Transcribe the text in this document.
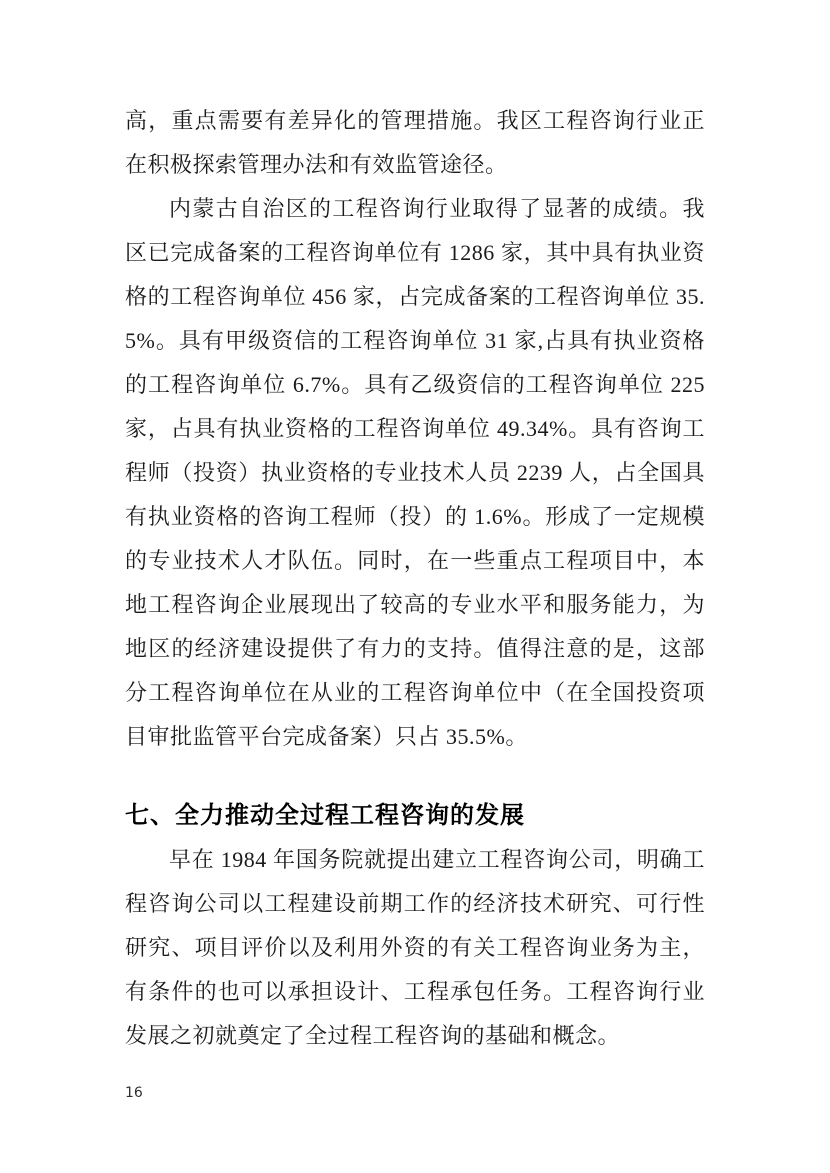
高，重点需要有差异化的管理措施。我区工程咨询行业正在积极探索管理办法和有效监管途径。

内蒙古自治区的工程咨询行业取得了显著的成绩。我区已完成备案的工程咨询单位有 1286 家，其中具有执业资格的工程咨询单位 456 家，占完成备案的工程咨询单位 35.5%。具有甲级资信的工程咨询单位 31 家,占具有执业资格的工程咨询单位 6.7%。具有乙级资信的工程咨询单位 225 家，占具有执业资格的工程咨询单位 49.34%。具有咨询工程师（投资）执业资格的专业技术人员 2239 人，占全国具有执业资格的咨询工程师（投）的 1.6%。形成了一定规模的专业技术人才队伍。同时，在一些重点工程项目中，本地工程咨询企业展现出了较高的专业水平和服务能力，为地区的经济建设提供了有力的支持。值得注意的是，这部分工程咨询单位在从业的工程咨询单位中（在全国投资项目审批监管平台完成备案）只占 35.5%。

七、全力推动全过程工程咨询的发展

早在 1984 年国务院就提出建立工程咨询公司，明确工程咨询公司以工程建设前期工作的经济技术研究、可行性研究、项目评价以及利用外资的有关工程咨询业务为主，有条件的也可以承担设计、工程承包任务。工程咨询行业发展之初就奠定了全过程工程咨询的基础和概念。

16
